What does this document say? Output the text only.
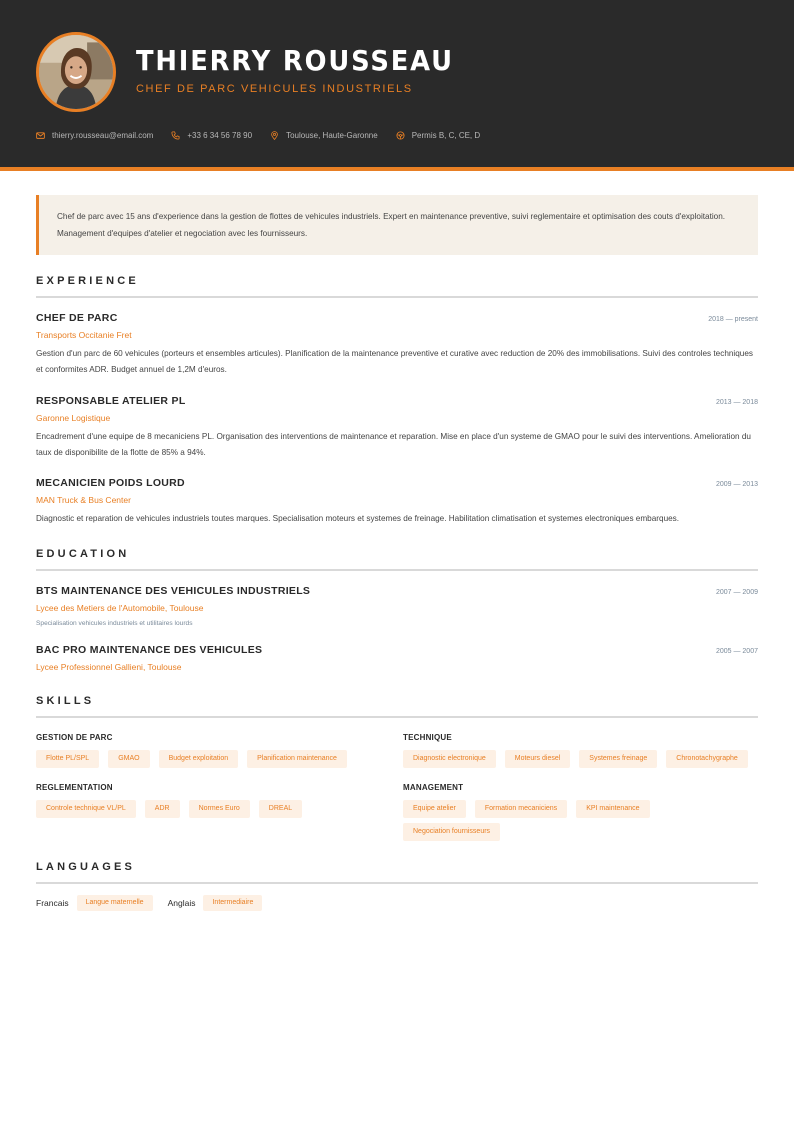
THIERRY ROUSSEAU
CHEF DE PARC VEHICULES INDUSTRIELS
thierry.rousseau@email.com	+33 6 34 56 78 90	Toulouse, Haute-Garonne	Permis B, C, CE, D
Chef de parc avec 15 ans d'experience dans la gestion de flottes de vehicules industriels. Expert en maintenance preventive, suivi reglementaire et optimisation des couts d'exploitation. Management d'equipes d'atelier et negociation avec les fournisseurs.
EXPERIENCE
CHEF DE PARC	2018 — present
Transports Occitanie Fret
Gestion d'un parc de 60 vehicules (porteurs et ensembles articules). Planification de la maintenance preventive et curative avec reduction de 20% des immobilisations. Suivi des controles techniques et conformites ADR. Budget annuel de 1,2M d'euros.
RESPONSABLE ATELIER PL	2013 — 2018
Garonne Logistique
Encadrement d'une equipe de 8 mecaniciens PL. Organisation des interventions de maintenance et reparation. Mise en place d'un systeme de GMAO pour le suivi des interventions. Amelioration du taux de disponibilite de la flotte de 85% a 94%.
MECANICIEN POIDS LOURD	2009 — 2013
MAN Truck & Bus Center
Diagnostic et reparation de vehicules industriels toutes marques. Specialisation moteurs et systemes de freinage. Habilitation climatisation et systemes electroniques embarques.
EDUCATION
BTS MAINTENANCE DES VEHICULES INDUSTRIELS	2007 — 2009
Lycee des Metiers de l'Automobile, Toulouse
Specialisation vehicules industriels et utilitaires lourds
BAC PRO MAINTENANCE DES VEHICULES	2005 — 2007
Lycee Professionnel Gallieni, Toulouse
SKILLS
GESTION DE PARC
Flotte PL/SPL	GMAO	Budget exploitation	Planification maintenance
TECHNIQUE
Diagnostic electronique	Moteurs diesel	Systemes freinage	Chronotachygraphe
REGLEMENTATION
Controle technique VL/PL	ADR	Normes Euro	DREAL
MANAGEMENT
Equipe atelier	Formation mecaniciens	KPI maintenance
Negociation fournisseurs
LANGUAGES
Francais	Langue maternelle	Anglais	Intermediaire
